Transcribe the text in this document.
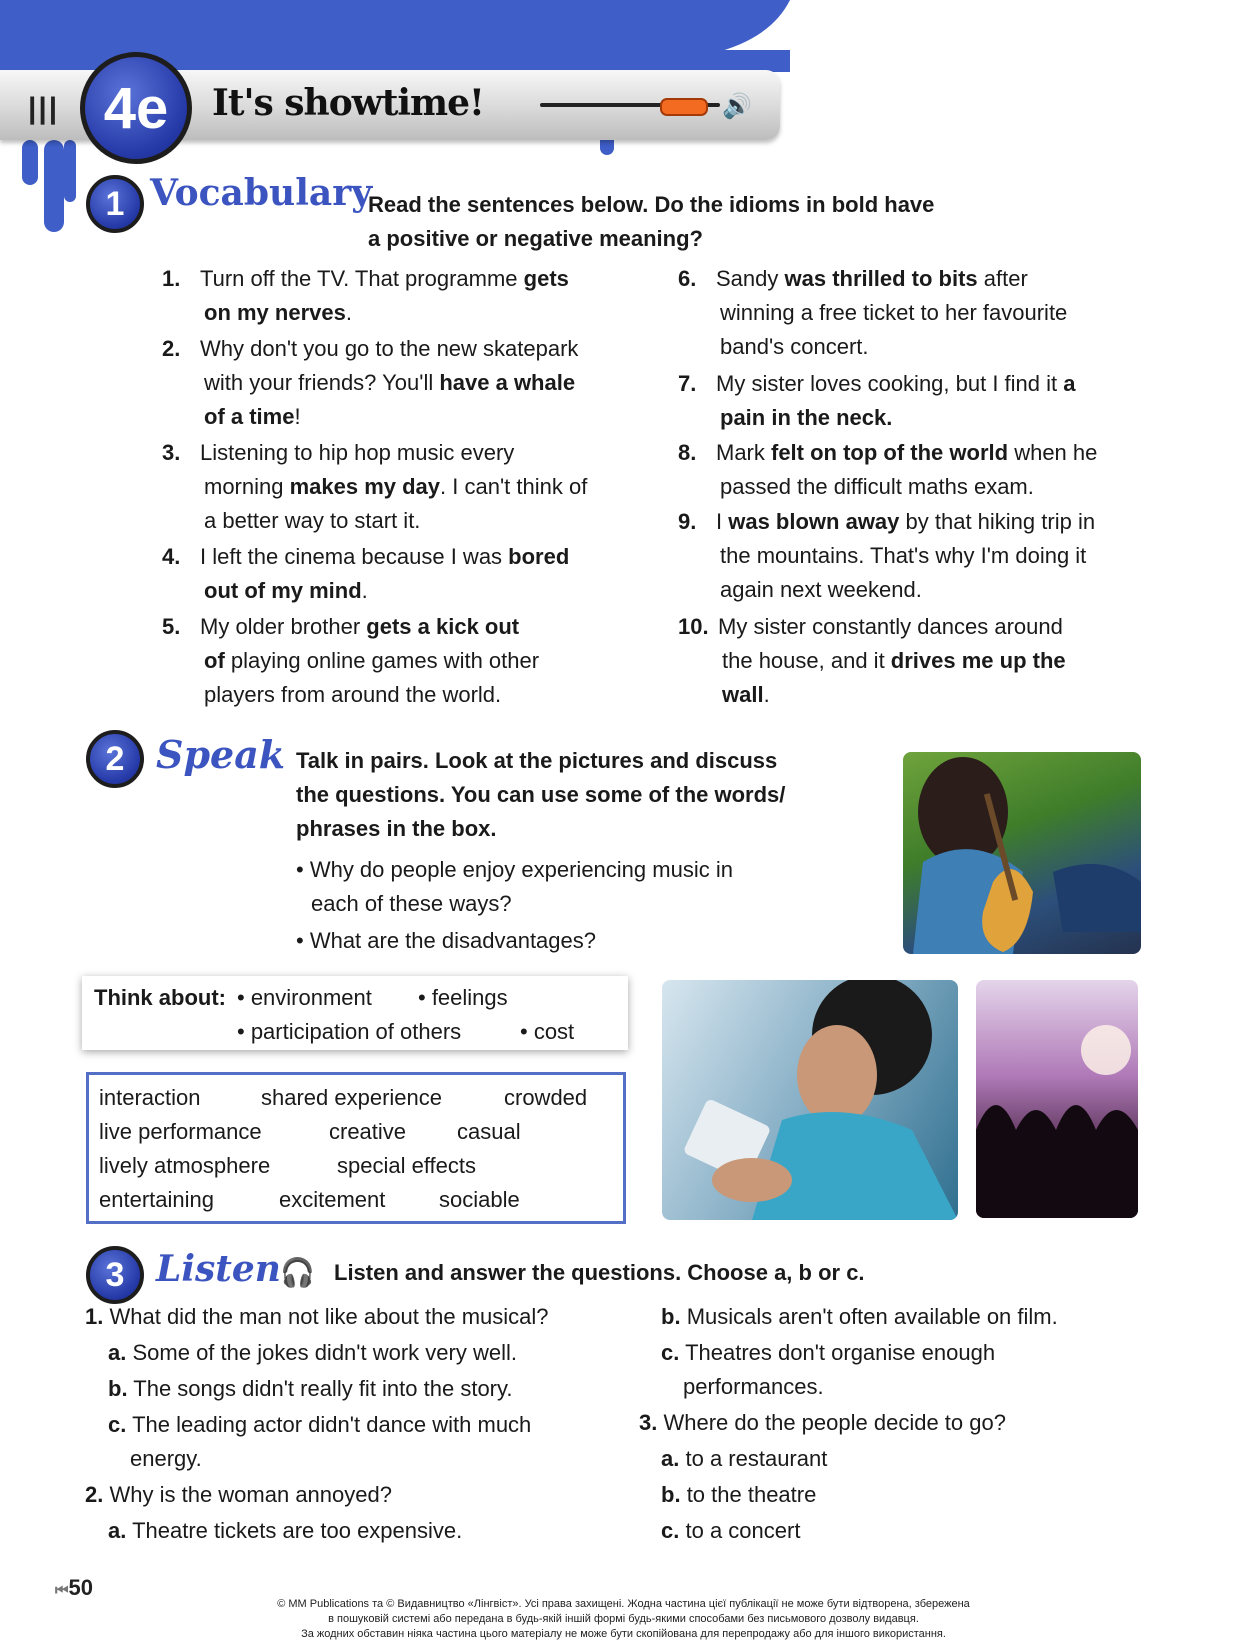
||| 4e	It's showtime!	🔊
1 Vocabulary
Read the sentences below. Do the idioms in bold have
a positive or negative meaning?
1. Turn off the TV. That programme gets
on my nerves.
2. Why don't you go to the new skatepark
with your friends? You'll have a whale
of a time!
3. Listening to hip hop music every
morning makes my day. I can't think of
a better way to start it.
4. I left the cinema because I was bored
out of my mind.
5. My older brother gets a kick out
of playing online games with other
players from around the world.
6. Sandy was thrilled to bits after
winning a free ticket to her favourite
band's concert.
7. My sister loves cooking, but I find it a
pain in the neck.
8. Mark felt on top of the world when he
passed the difficult maths exam.
9. I was blown away by that hiking trip in
the mountains. That's why I'm doing it
again next weekend.
10. My sister constantly dances around
the house, and it drives me up the
wall.
2 Speak Talk in pairs. Look at the pictures and discuss
the questions. You can use some of the words/
phrases in the box.
• Why do people enjoy experiencing music in
each of these ways?
• What are the disadvantages?
Think about: • environment • feelings
• participation of others	• cost
interaction	shared experience	crowded
live performance	creative casual
lively atmosphere	special effects
entertaining	excitement sociable
3 Listen 🎧 Listen and answer the questions. Choose a, b or c.
1. What did the man not like about the musical?
a. Some of the jokes didn't work very well.
b. The songs didn't really fit into the story.
c. The leading actor didn't dance with much
energy.
2. Why is the woman annoyed?
a. Theatre tickets are too expensive.
b. Musicals aren't often available on film.
c. Theatres don't organise enough
performances.
3. Where do the people decide to go?
a. to a restaurant
b. to the theatre
c. to a concert
⏮50
© MM Publications та © Видавництво «Лінгвіст». Усі права захищені. Жодна частина цієї публікації не може бути відтворена, збережена
в пошуковій системі або передана в будь-якій іншій формі будь-якими способами без письмового дозволу видавця.
За жодних обставин ніяка частина цього матеріалу не може бути скопійована для перепродажу або для іншого використання.
